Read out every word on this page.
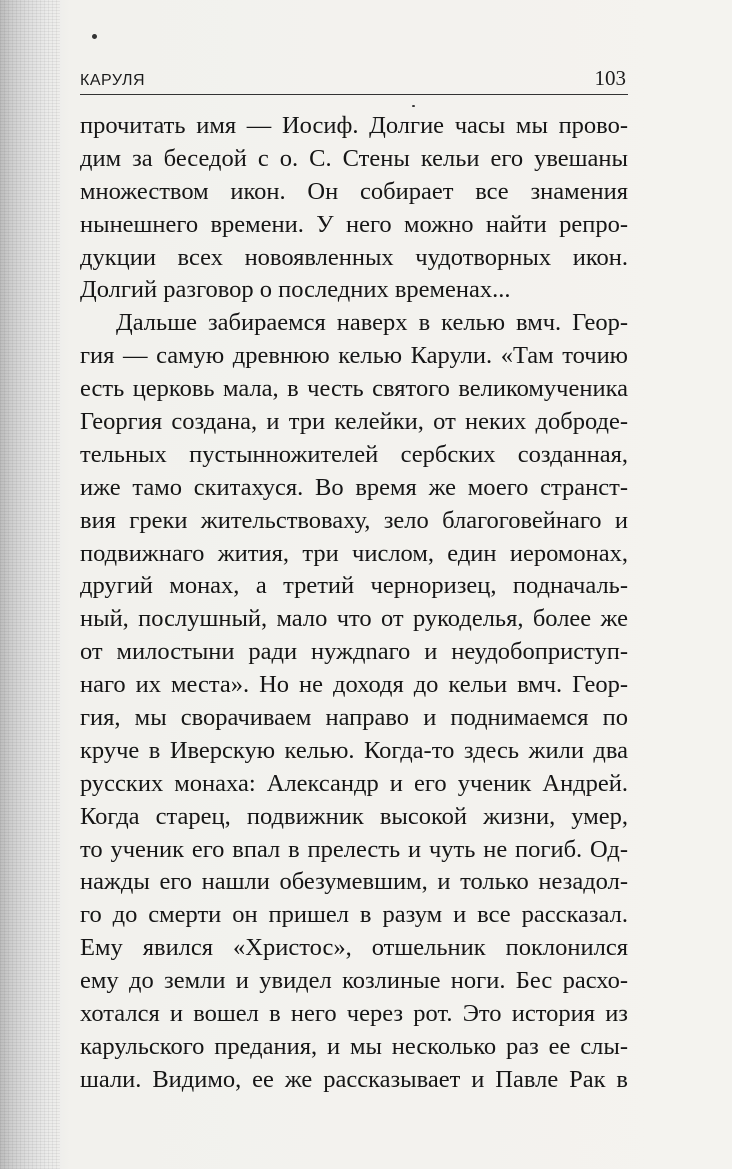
КАРУЛЯ	103

прочитать имя — Иосиф. Долгие часы мы прово-
дим за беседой с о. С. Стены кельи его увешаны
множеством икон. Он собирает все знамения
нынешнего времени. У него можно найти репро-
дукции всех новоявленных чудотворных икон.
Долгий разговор о последних временах...

Дальше забираемся наверх в келью вмч. Геор-
гия — самую древнюю келью Карули. «Там точию
есть церковь мала, в честь святого великомученика
Георгия создана, и три келейки, от неких доброде-
тельных пустынножителей сербских созданная,
иже тамо скитахуся. Во время же моего странст-
вия греки жительствоваху, зело благоговейнаго и
подвижнаго жития, три числом, един иеромонах,
другий монах, а третий черноризец, подначаль-
ный, послушный, мало что от рукоделья, более же
от милостыни ради нуждnaго и неудобоприступ-
наго их места». Но не доходя до кельи вмч. Геор-
гия, мы сворачиваем направо и поднимаемся по
круче в Иверскую келью. Когда-то здесь жили два
русских монаха: Александр и его ученик Андрей.
Когда старец, подвижник высокой жизни, умер,
то ученик его впал в прелесть и чуть не погиб. Од-
нажды его нашли обезумевшим, и только незадол-
го до смерти он пришел в разум и все рассказал.
Ему явился «Христос», отшельник поклонился
ему до земли и увидел козлиные ноги. Бес расхо-
хотался и вошел в него через рот. Это история из
карульского предания, и мы несколько раз ее слы-
шали. Видимо, ее же рассказывает и Павле Рак в
